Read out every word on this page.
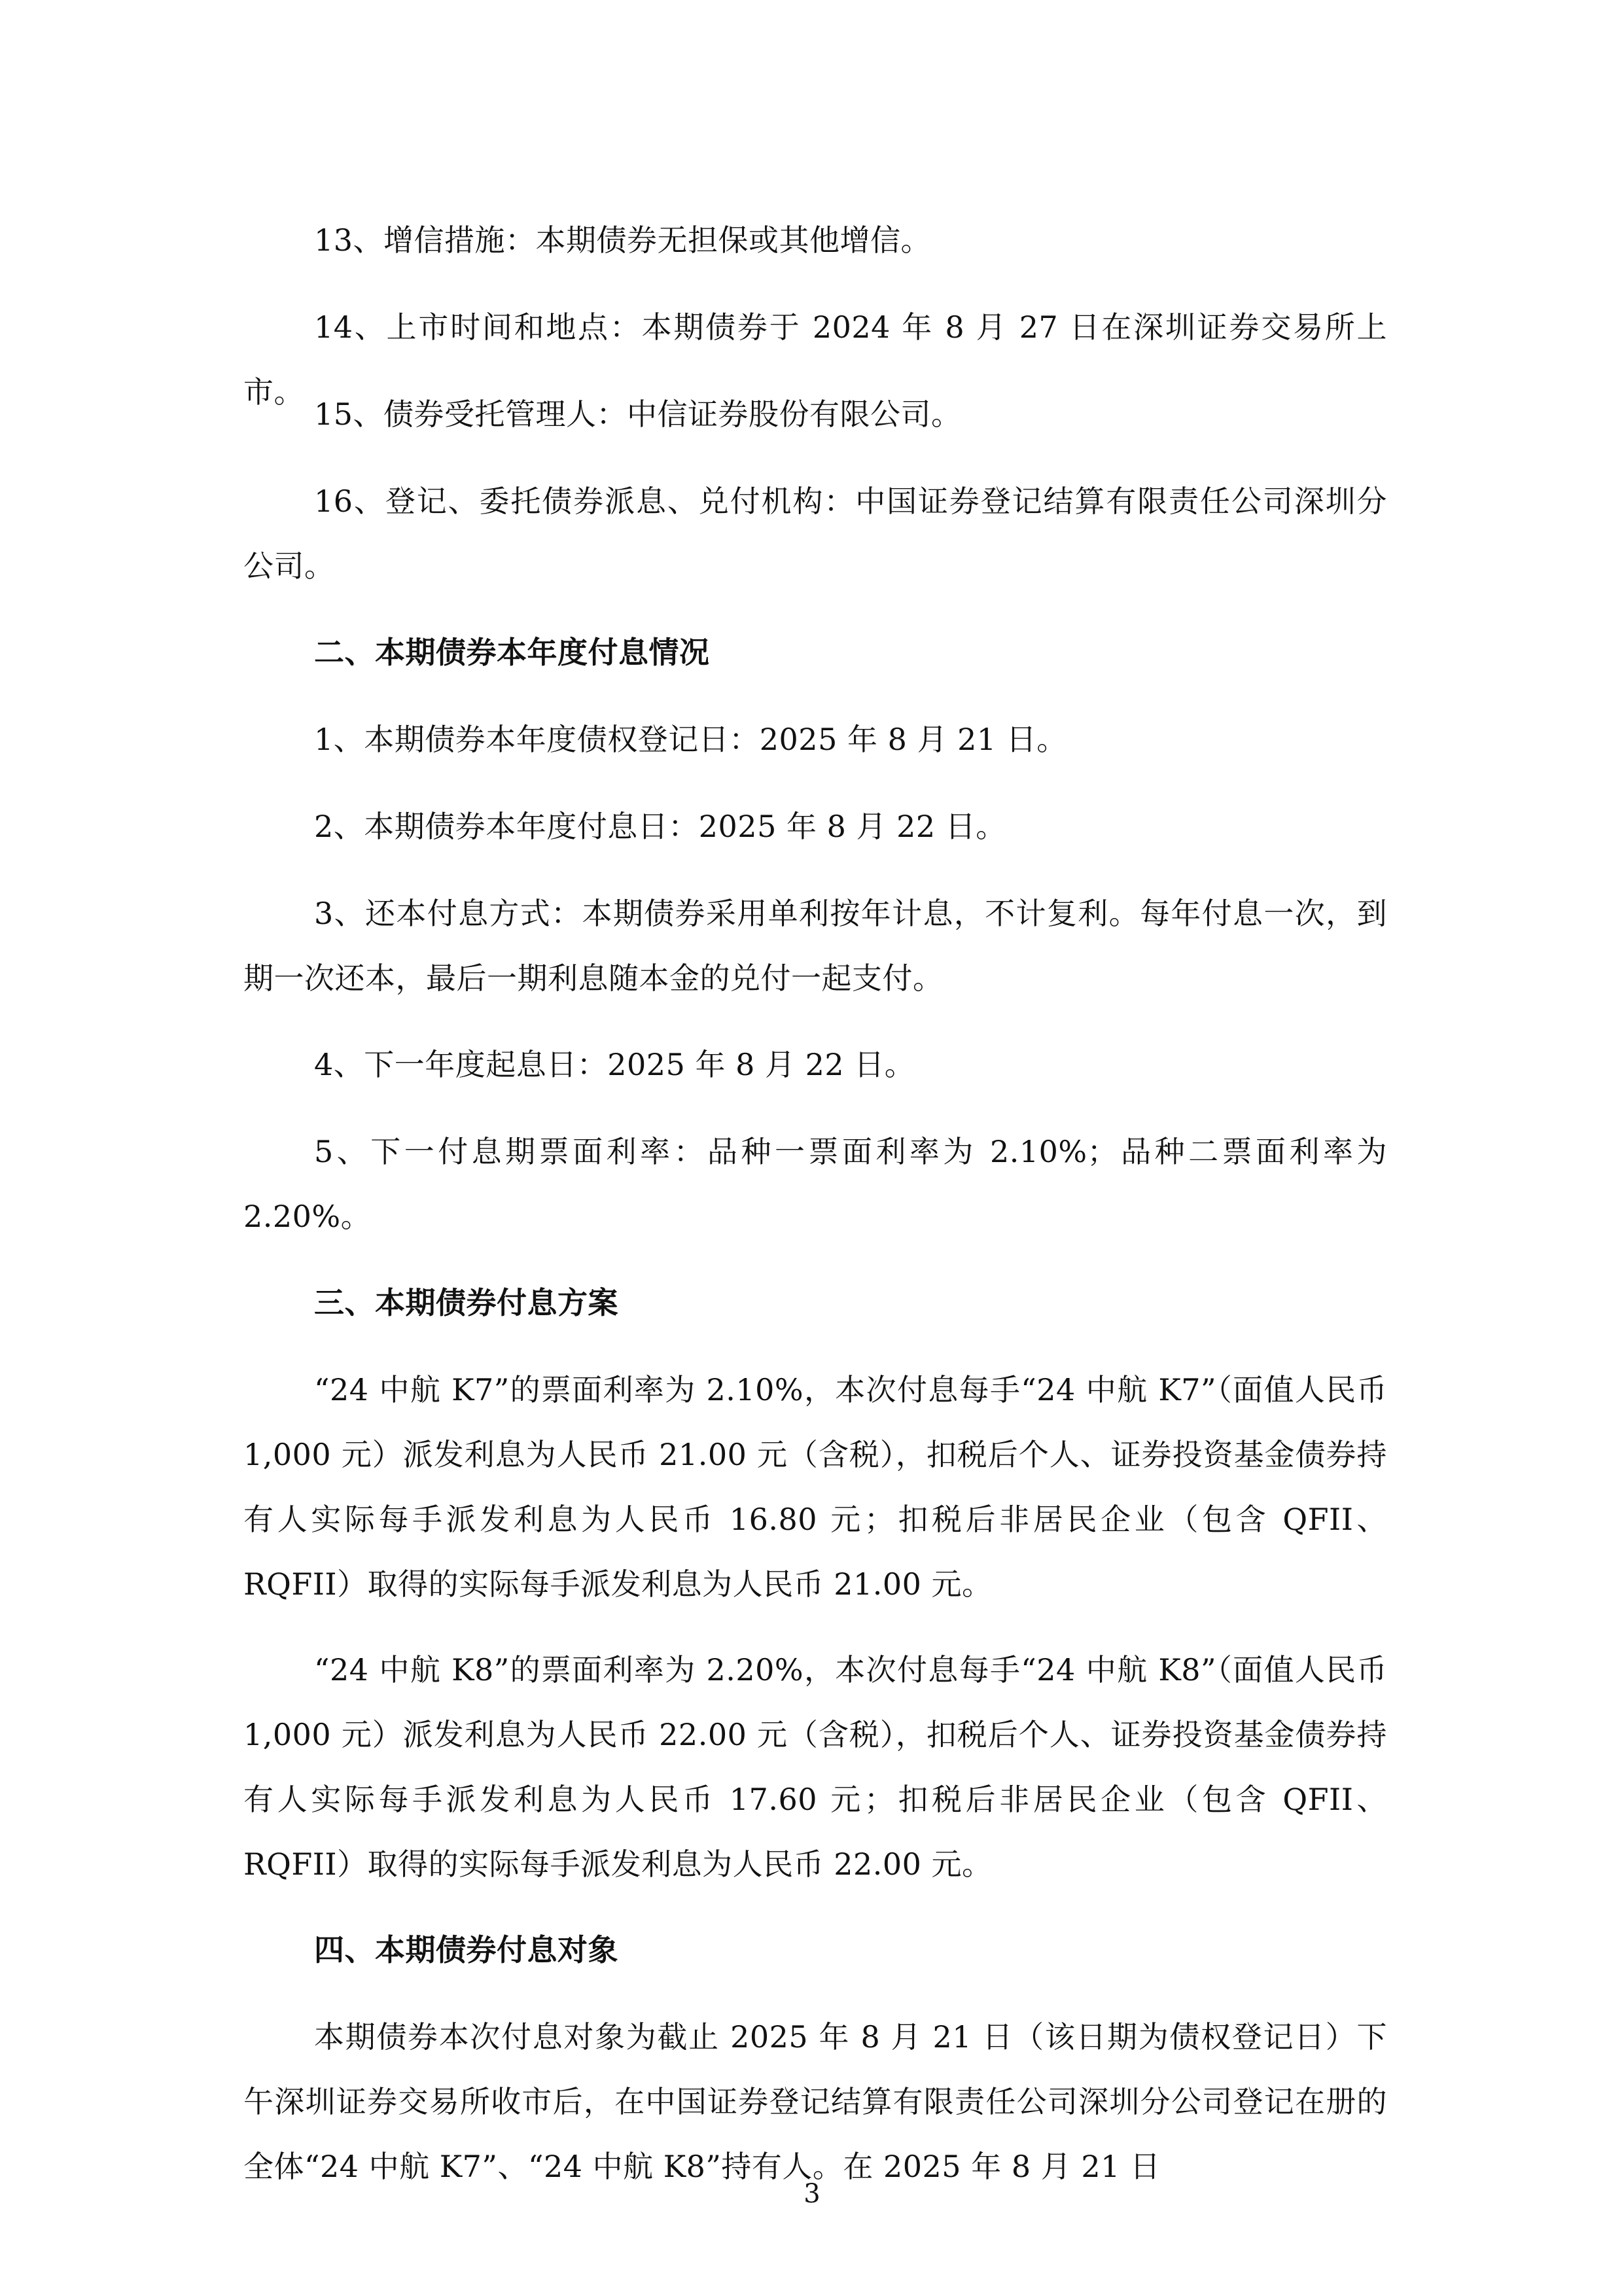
13、增信措施：本期债券无担保或其他增信。

14、上市时间和地点：本期债券于 2024 年 8 月 27 日在深圳证券交易所上市。

15、债券受托管理人：中信证券股份有限公司。

16、登记、委托债券派息、兑付机构：中国证券登记结算有限责任公司深圳分公司。

二、本期债券本年度付息情况

1、本期债券本年度债权登记日：2025 年 8 月 21 日。

2、本期债券本年度付息日：2025 年 8 月 22 日。

3、还本付息方式：本期债券采用单利按年计息，不计复利。每年付息一次，到期一次还本，最后一期利息随本金的兑付一起支付。

4、下一年度起息日：2025 年 8 月 22 日。

5、下一付息期票面利率：品种一票面利率为 2.10%；品种二票面利率为 2.20%。

三、本期债券付息方案

“24 中航 K7”的票面利率为 2.10%，本次付息每手“24 中航 K7”（面值人民币 1,000 元）派发利息为人民币 21.00 元（含税），扣税后个人、证券投资基金债券持有人实际每手派发利息为人民币 16.80 元；扣税后非居民企业（包含 QFII、RQFII）取得的实际每手派发利息为人民币 21.00 元。

“24 中航 K8”的票面利率为 2.20%，本次付息每手“24 中航 K8”（面值人民币 1,000 元）派发利息为人民币 22.00 元（含税），扣税后个人、证券投资基金债券持有人实际每手派发利息为人民币 17.60 元；扣税后非居民企业（包含 QFII、RQFII）取得的实际每手派发利息为人民币 22.00 元。

四、本期债券付息对象

本期债券本次付息对象为截止 2025 年 8 月 21 日（该日期为债权登记日）下午深圳证券交易所收市后，在中国证券登记结算有限责任公司深圳分公司登记在册的全体“24 中航 K7”、“24 中航 K8”持有人。在 2025 年 8 月 21 日

3
